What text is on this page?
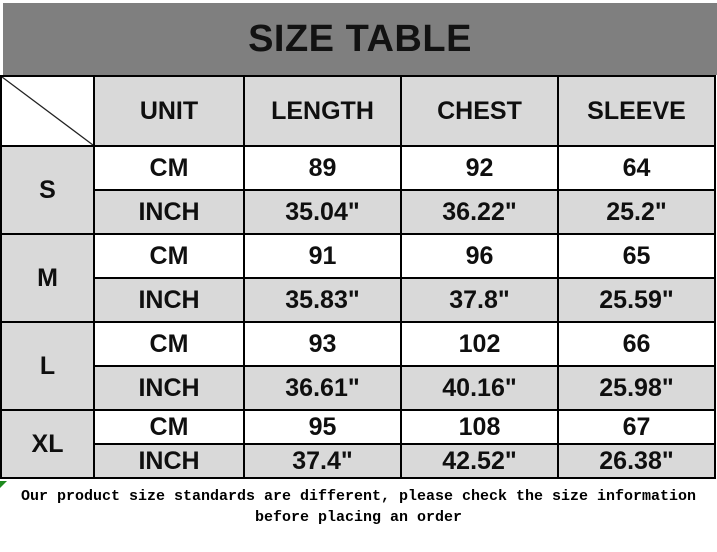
SIZE TABLE
	UNIT	LENGTH	CHEST	SLEEVE
S	CM	89	92	64
	INCH	35.04"	36.22"	25.2"
M	CM	91	96	65
	INCH	35.83"	37.8"	25.59"
L	CM	93	102	66
	INCH	36.61"	40.16"	25.98"
XL	CM	95	108	67
	INCH	37.4"	42.52"	26.38"
Our product size standards are different, please check the size information
before placing an order
